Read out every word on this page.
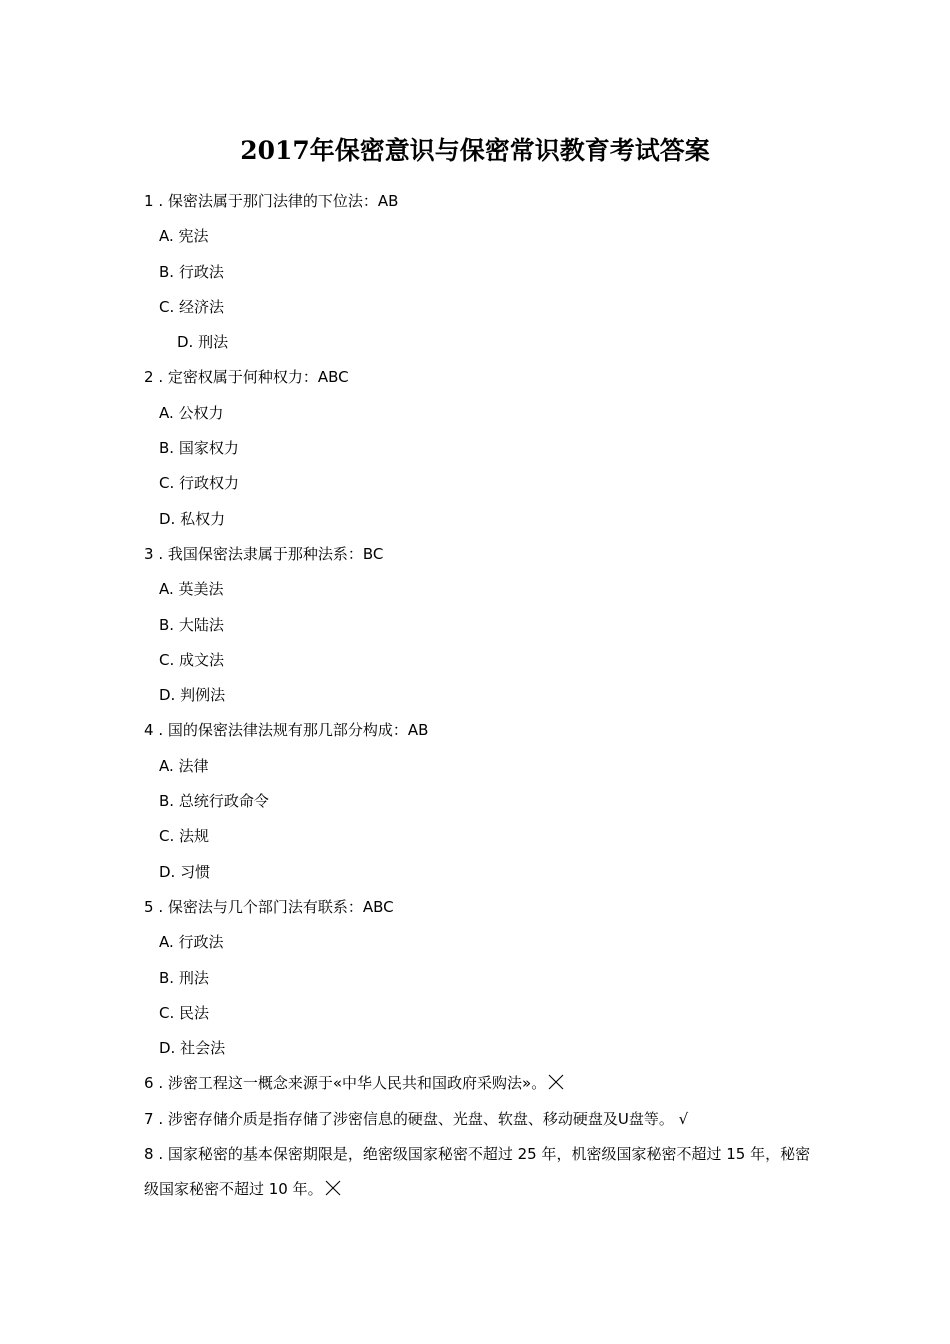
2017年保密意识与保密常识教育考试答案
1 . 保密法属于那门法律的下位法：AB
A. 宪法
B. 行政法
C. 经济法
D. 刑法
2 . 定密权属于何种权力：ABC
A. 公权力
B. 国家权力
C. 行政权力
D. 私权力
3 . 我国保密法隶属于那种法系：BC
A. 英美法
B. 大陆法
C. 成文法
D. 判例法
4 . 国的保密法律法规有那几部分构成：AB
A. 法律
B. 总统行政命令
C. 法规
D. 习惯
5 . 保密法与几个部门法有联系：ABC
A. 行政法
B. 刑法
C. 民法
D. 社会法
6 . 涉密工程这一概念来源于«中华人民共和国政府采购法»。
7 . 涉密存储介质是指存储了涉密信息的硬盘、光盘、软盘、移动硬盘及U盘等。 √
8 . 国家秘密的基本保密期限是，绝密级国家秘密不超过 25 年，机密级国家秘密不超过 15 年，秘密级国家秘密不超过 10 年。
